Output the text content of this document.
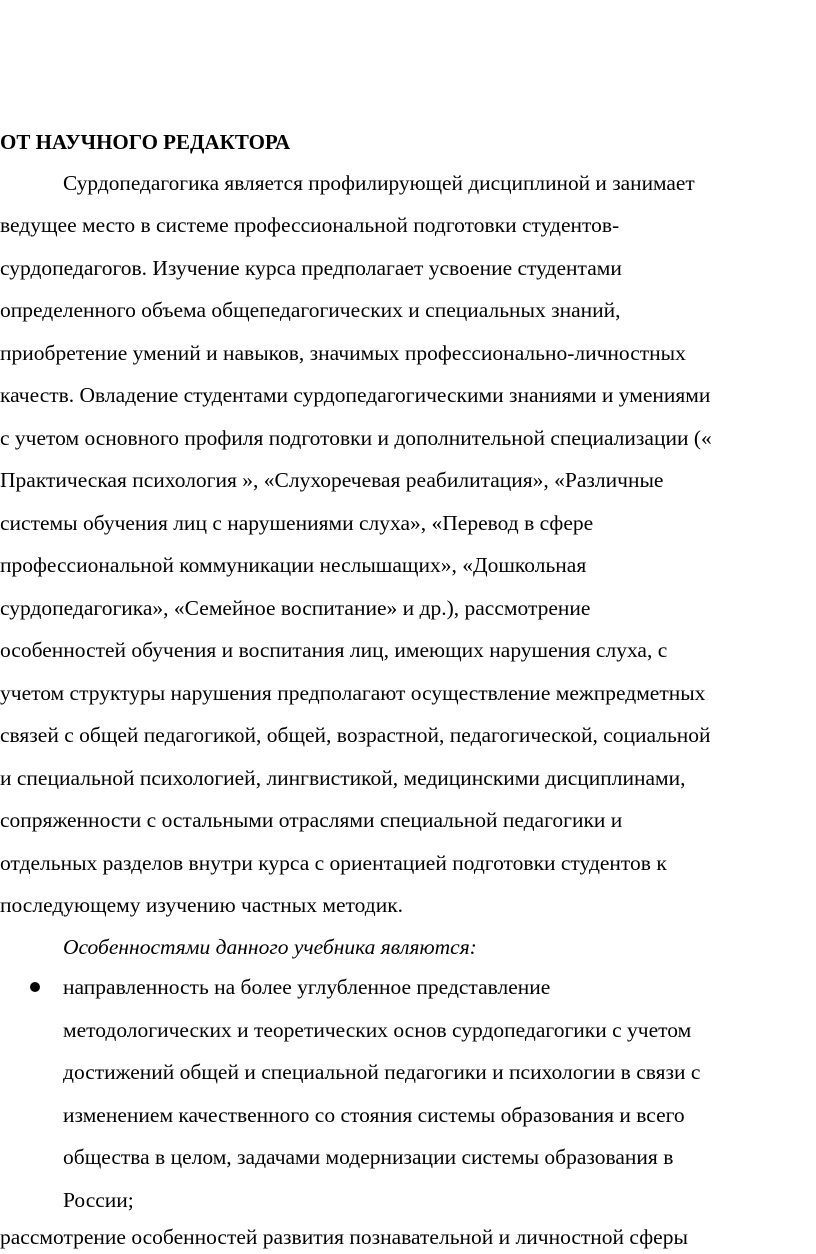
ОТ НАУЧНОГО РЕДАКТОРА
Сурдопедагогика является профилирующей дисциплиной и занимает
ведущее место в системе профессиональной подготовки студентов-
сурдопедагогов. Изучение курса предполагает усвоение студентами
определенного объема общепедагогических и специальных знаний,
приобретение умений и навыков, значимых профессионально-личностных
качеств. Овладение студентами сурдопедагогическими знаниями и умениями
с учетом основного профиля подготовки и дополнительной специализации («
Практическая психология », «Слухоречевая реабилитация», «Различные
системы обучения лиц с нарушениями слуха», «Перевод в сфере
профессиональной коммуникации неслышащих», «Дошкольная
сурдопедагогика», «Семейное воспитание» и др.), рассмотрение
особенностей обучения и воспитания лиц, имеющих нарушения слуха, с
учетом структуры нарушения предполагают осуществление межпредметных
связей с общей педагогикой, общей, возрастной, педагогической, социальной
и специальной психологией, лингвистикой, медицинскими дисциплинами,
сопряженности с остальными отраслями специальной педагогики и
отдельных разделов внутри курса с ориентацией подготовки студентов к
последующему изучению частных методик.
Особенностями данного учебника являются:
направленность на более углубленное представление
методологических и теоретических основ сурдопедагогики с учетом
достижений общей и специальной педагогики и психологии в связи с
изменением качественного со стояния системы образования и всего
общества в целом, задачами модернизации системы образования в
России;
рассмотрение особенностей развития познавательной и личностной сферы
